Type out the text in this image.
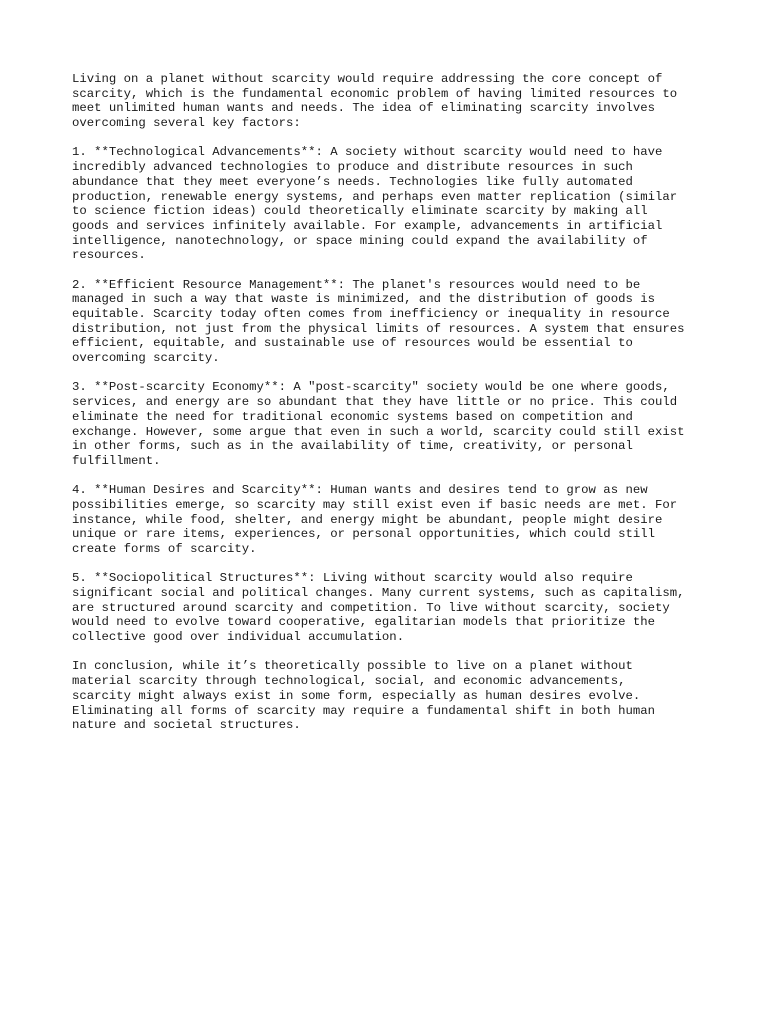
Living on a planet without scarcity would require addressing the core concept of
scarcity, which is the fundamental economic problem of having limited resources to
meet unlimited human wants and needs. The idea of eliminating scarcity involves
overcoming several key factors:

1. **Technological Advancements**: A society without scarcity would need to have
incredibly advanced technologies to produce and distribute resources in such
abundance that they meet everyone’s needs. Technologies like fully automated
production, renewable energy systems, and perhaps even matter replication (similar
to science fiction ideas) could theoretically eliminate scarcity by making all
goods and services infinitely available. For example, advancements in artificial
intelligence, nanotechnology, or space mining could expand the availability of
resources.

2. **Efficient Resource Management**: The planet's resources would need to be
managed in such a way that waste is minimized, and the distribution of goods is
equitable. Scarcity today often comes from inefficiency or inequality in resource
distribution, not just from the physical limits of resources. A system that ensures
efficient, equitable, and sustainable use of resources would be essential to
overcoming scarcity.

3. **Post-scarcity Economy**: A "post-scarcity" society would be one where goods,
services, and energy are so abundant that they have little or no price. This could
eliminate the need for traditional economic systems based on competition and
exchange. However, some argue that even in such a world, scarcity could still exist
in other forms, such as in the availability of time, creativity, or personal
fulfillment.

4. **Human Desires and Scarcity**: Human wants and desires tend to grow as new
possibilities emerge, so scarcity may still exist even if basic needs are met. For
instance, while food, shelter, and energy might be abundant, people might desire
unique or rare items, experiences, or personal opportunities, which could still
create forms of scarcity.

5. **Sociopolitical Structures**: Living without scarcity would also require
significant social and political changes. Many current systems, such as capitalism,
are structured around scarcity and competition. To live without scarcity, society
would need to evolve toward cooperative, egalitarian models that prioritize the
collective good over individual accumulation.

In conclusion, while it’s theoretically possible to live on a planet without
material scarcity through technological, social, and economic advancements,
scarcity might always exist in some form, especially as human desires evolve.
Eliminating all forms of scarcity may require a fundamental shift in both human
nature and societal structures.
